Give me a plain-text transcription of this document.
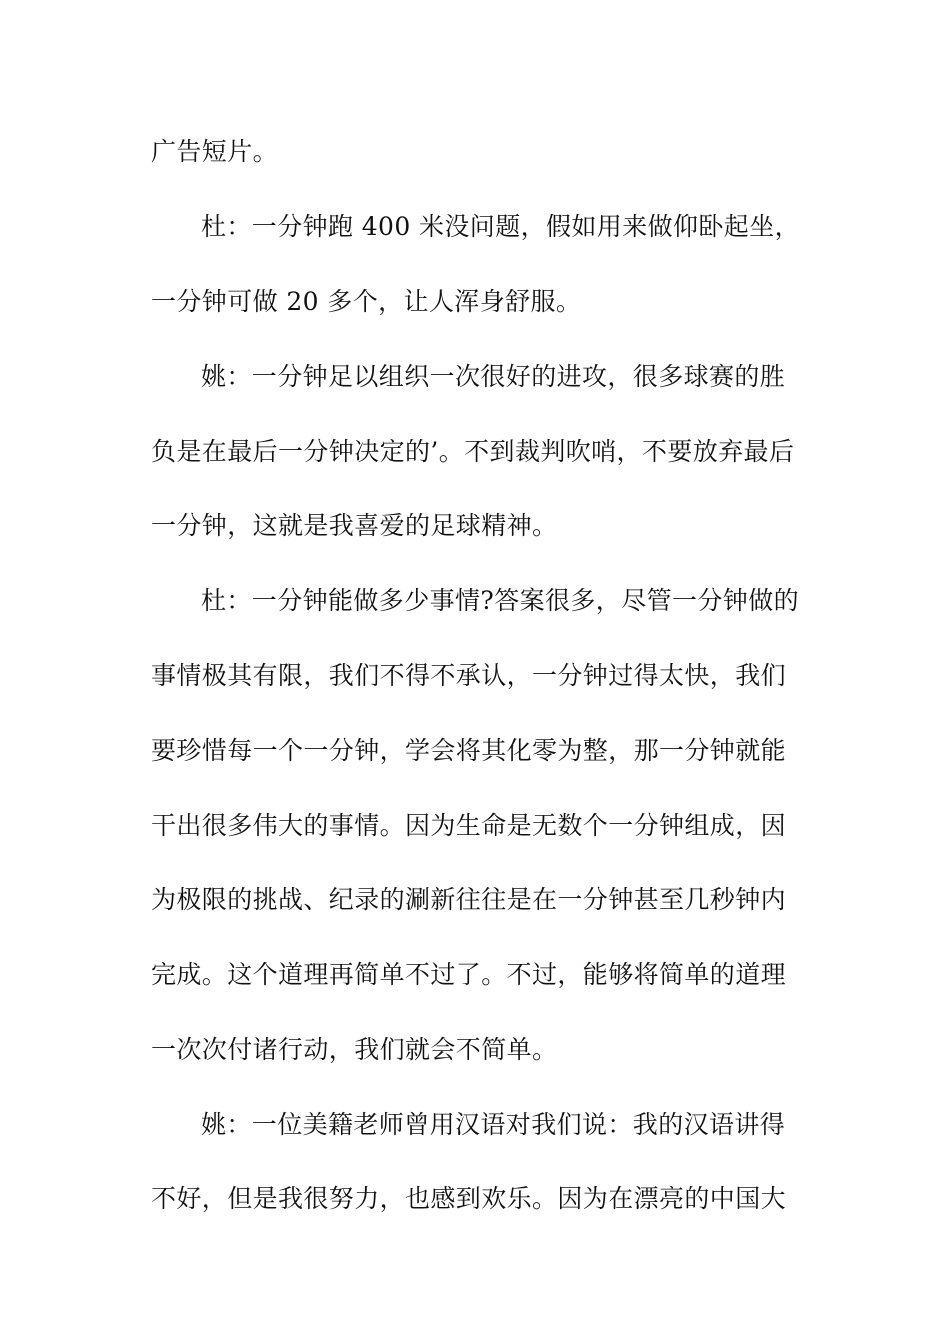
广告短片。
杜：一分钟跑 400 米没问题，假如用来做仰卧起坐，
一分钟可做 20 多个，让人浑身舒服。
姚：一分钟足以组织一次很好的进攻，很多球赛的胜
负是在最后一分钟决定的’。不到裁判吹哨，不要放弃最后
一分钟，这就是我喜爱的足球精神。
杜：一分钟能做多少事情?答案很多，尽管一分钟做的
事情极其有限，我们不得不承认，一分钟过得太快，我们
要珍惜每一个一分钟，学会将其化零为整，那一分钟就能
干出很多伟大的事情。因为生命是无数个一分钟组成，因
为极限的挑战、纪录的涮新往往是在一分钟甚至几秒钟内
完成。这个道理再简单不过了。不过，能够将简单的道理
一次次付诸行动，我们就会不简单。
姚：一位美籍老师曾用汉语对我们说：我的汉语讲得
不好，但是我很努力，也感到欢乐。因为在漂亮的中国大
